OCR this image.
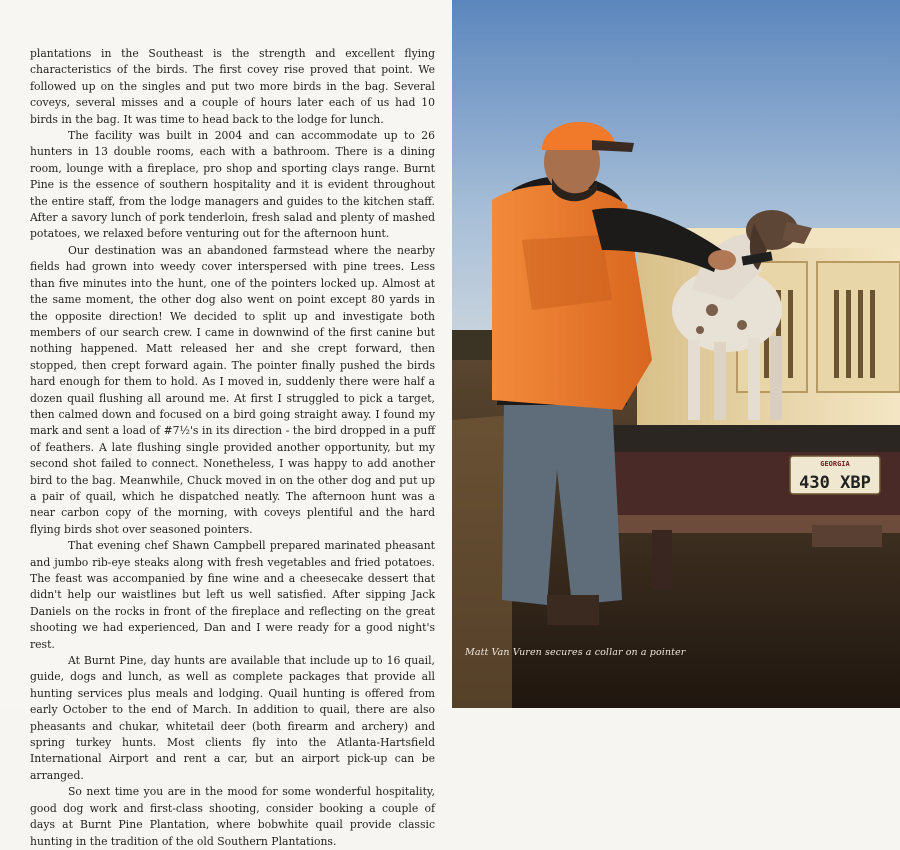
plantations in the Southeast is the strength and excellent flying characteristics of the birds. The first covey rise proved that point. We followed up on the singles and put two more birds in the bag. Several coveys, several misses and a couple of hours later each of us had 10 birds in the bag. It was time to head back to the lodge for lunch.

The facility was built in 2004 and can accommodate up to 26 hunters in 13 double rooms, each with a bathroom. There is a dining room, lounge with a fireplace, pro shop and sporting clays range. Burnt Pine is the essence of southern hospitality and it is evident throughout the entire staff, from the lodge managers and guides to the kitchen staff. After a savory lunch of pork tenderloin, fresh salad and plenty of mashed potatoes, we relaxed before venturing out for the afternoon hunt.

Our destination was an abandoned farmstead where the nearby fields had grown into weedy cover interspersed with pine trees. Less than five minutes into the hunt, one of the pointers locked up. Almost at the same moment, the other dog also went on point except 80 yards in the opposite direction! We decided to split up and investigate both members of our search crew. I came in downwind of the first canine but nothing happened. Matt released her and she crept forward, then stopped, then crept forward again. The pointer finally pushed the birds hard enough for them to hold. As I moved in, suddenly there were half a dozen quail flushing all around me. At first I struggled to pick a target, then calmed down and focused on a bird going straight away. I found my mark and sent a load of #7½'s in its direction - the bird dropped in a puff of feathers. A late flushing single provided another opportunity, but my second shot failed to connect. Nonetheless, I was happy to add another bird to the bag. Meanwhile, Chuck moved in on the other dog and put up a pair of quail, which he dispatched neatly. The afternoon hunt was a near carbon copy of the morning, with coveys plentiful and the hard flying birds shot over seasoned pointers.

That evening chef Shawn Campbell prepared marinated pheasant and jumbo rib-eye steaks along with fresh vegetables and fried potatoes. The feast was accompanied by fine wine and a cheesecake dessert that didn't help our waistlines but left us well satisfied. After sipping Jack Daniels on the rocks in front of the fireplace and reflecting on the great shooting we had experienced, Dan and I were ready for a good night's rest.

At Burnt Pine, day hunts are available that include up to 16 quail, guide, dogs and lunch, as well as complete packages that provide all hunting services plus meals and lodging. Quail hunting is offered from early October to the end of March. In addition to quail, there are also pheasants and chukar, whitetail deer (both firearm and archery) and spring turkey hunts. Most clients fly into the Atlanta-Hartsfield International Airport and rent a car, but an airport pick-up can be arranged.

So next time you are in the mood for some wonderful hospitality, good dog work and first-class shooting, consider booking a couple of days at Burnt Pine Plantation, where bobwhite quail provide classic hunting in the tradition of the old Southern Plantations.

GEORGIA
430 XBP
Matt Van Vuren secures a collar on a pointer
